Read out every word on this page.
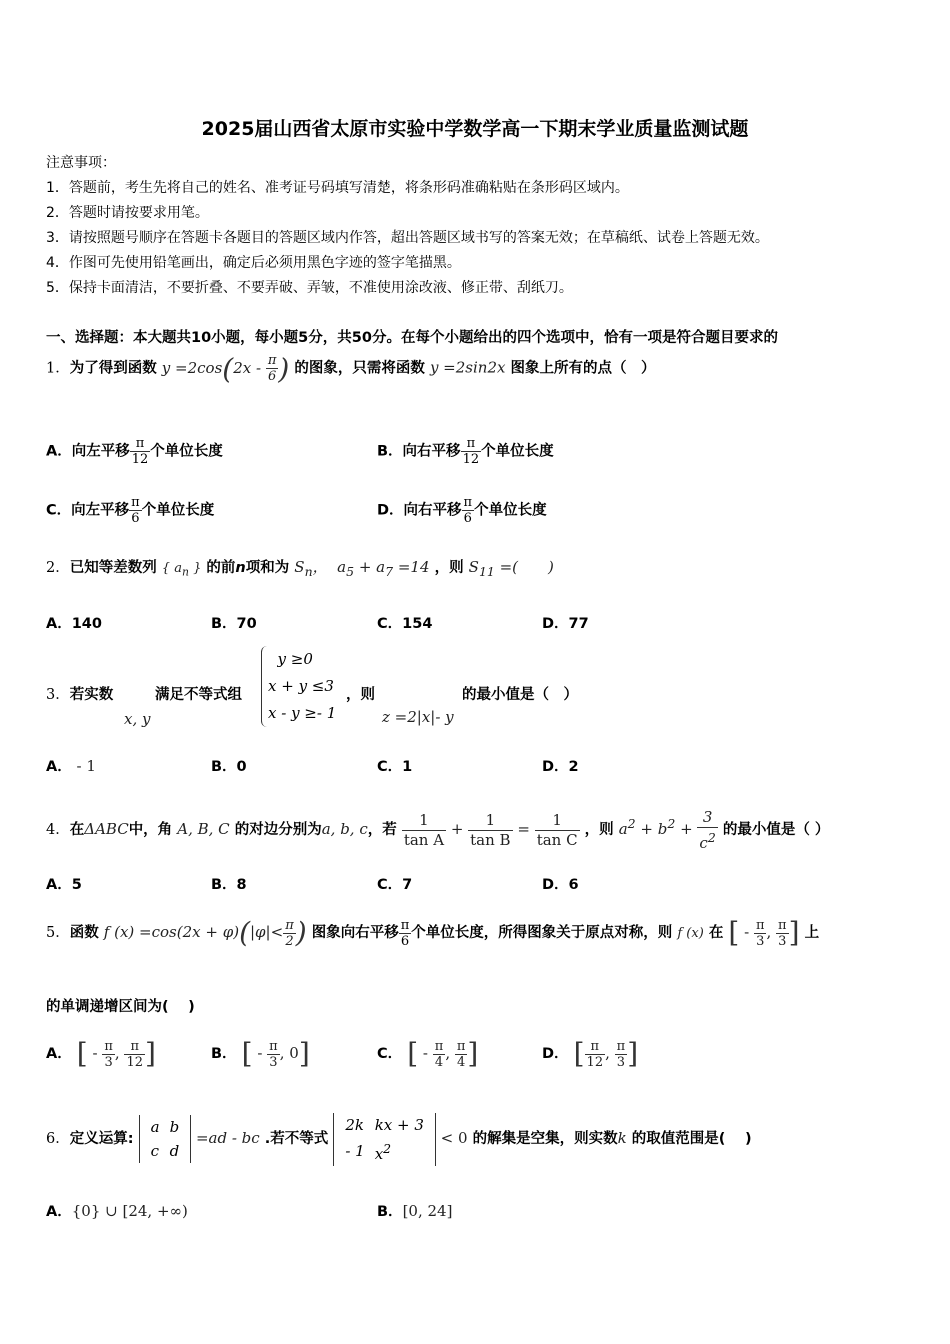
2025届山西省太原市实验中学数学高一下期末学业质量监测试题
注意事项：
1．答题前，考生先将自己的姓名、准考证号码填写清楚，将条形码准确粘贴在条形码区域内。
2．答题时请按要求用笔。
3．请按照题号顺序在答题卡各题目的答题区域内作答，超出答题区域书写的答案无效；在草稿纸、试卷上答题无效。
4．作图可先使用铅笔画出，确定后必须用黑色字迹的签字笔描黑。
5．保持卡面清洁，不要折叠、不要弄破、弄皱，不准使用涂改液、修正带、刮纸刀。
一、选择题：本大题共10小题，每小题5分，共50分。在每个小题给出的四个选项中，恰有一项是符合题目要求的
1．为了得到函数 $y =2\cos(2x - \frac{\pi}{6}$ ) 的图象，只需将函数 y =2sin2x 图象上所有的点（　）
A．向左平移 $\frac{\pi}{12}$ 个单位长度	B．向右平移 $\frac{\pi}{12}$ 个单位长度
C．向左平移 $\frac{\pi}{6}$ 个单位长度	D．向右平移 $\frac{\pi}{6}$ 个单位长度
2．已知等差数列 { $a_n$ } 的前n项和为 $S_n$，  $a_5 + a_7 =14$ ，则 $S_{11}$ =(　　)
A．140	B．70	C．154	D．77
3．若实数
x, y
满足不等式组
y ≥0
x + y ≤3
x - y ≥- 1
，则
z =2|x|- y
的最小值是（　）
A． - 1	B．0	C．1	D．2
4．在ΔABC中，角 A, B, C 的对边分别为a, b, c，若 $\frac{1}{\text{tan A}} + \frac{1}{\text{tan B}} = \frac{1}{\text{tan C}}$ ，则 $a^2 + b^2 + \frac{3}{c^2}$ 的最小值是（ ）
A．5	B．8	C．7	D．6
5．函数 f $(x) =\cos(2x + \varphi)(|\varphi|< \frac{\pi}{2}$ ) 图象向右平移 $\frac{\pi}{6}$ 个单位长度，所得图象关于原点对称，则 f (x) 在 [ - $\frac{\pi}{3}$ , $\frac{\pi}{3}$ ] 上
的单调递增区间为(　 )
A． [ - $\frac{\pi}{3}$ , $\frac{\pi}{12}$ ]	B． [ - $\frac{\pi}{3}$ , 0]	C． [ - $\frac{\pi}{4}$ , $\frac{\pi}{4}$ ]	D． [ $\frac{\pi}{12}$ , $\frac{\pi}{3}$ ]
6．定义运算:
a	b
c	d
=ad - bc .若不等式
2k	kx + 3
- 1	$x^2$
< 0 的解集是空集，则实数k 的取值范围是(　 )
A．{0} ∪ [24, +∞)	B．[0, 24]
